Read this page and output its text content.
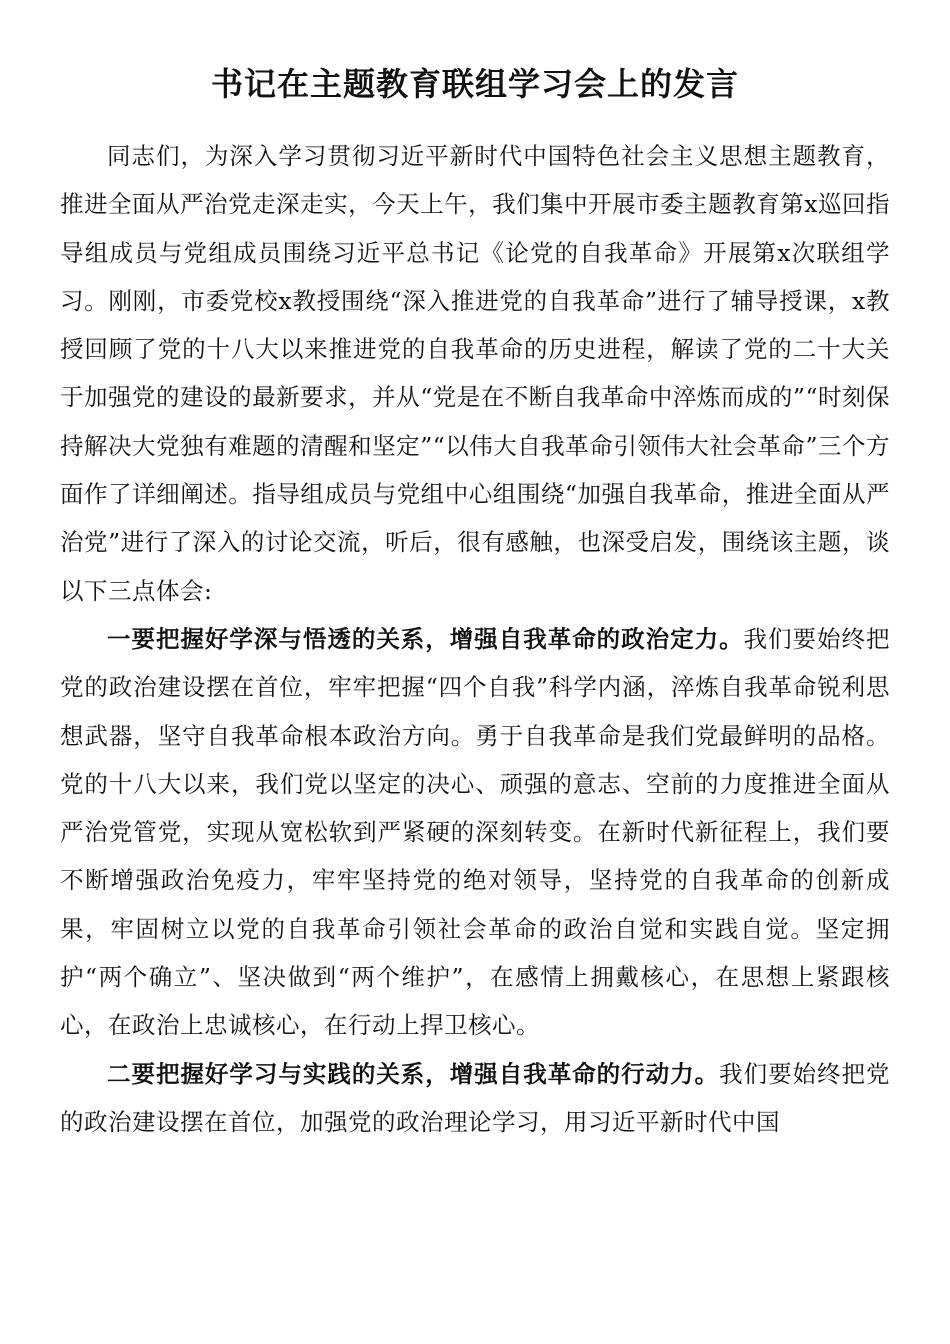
书记在主题教育联组学习会上的发言

同志们，为深入学习贯彻习近平新时代中国特色社会主义思想主题教育，推进全面从严治党走深走实，今天上午，我们集中开展市委主题教育第x巡回指导组成员与党组成员围绕习近平总书记《论党的自我革命》开展第x次联组学习。刚刚，市委党校x教授围绕“深入推进党的自我革命”进行了辅导授课，x教授回顾了党的十八大以来推进党的自我革命的历史进程，解读了党的二十大关于加强党的建设的最新要求，并从“党是在不断自我革命中淬炼而成的”“时刻保持解决大党独有难题的清醒和坚定”“以伟大自我革命引领伟大社会革命”三个方面作了详细阐述。指导组成员与党组中心组围绕“加强自我革命，推进全面从严治党”进行了深入的讨论交流，听后，很有感触，也深受启发，围绕该主题，谈以下三点体会:

一要把握好学深与悟透的关系，增强自我革命的政治定力。我们要始终把党的政治建设摆在首位，牢牢把握“四个自我”科学内涵，淬炼自我革命锐利思想武器，坚守自我革命根本政治方向。勇于自我革命是我们党最鲜明的品格。党的十八大以来，我们党以坚定的决心、顽强的意志、空前的力度推进全面从严治党管党，实现从宽松软到严紧硬的深刻转变。在新时代新征程上，我们要不断增强政治免疫力，牢牢坚持党的绝对领导，坚持党的自我革命的创新成果，牢固树立以党的自我革命引领社会革命的政治自觉和实践自觉。坚定拥护“两个确立”、坚决做到“两个维护”，在感情上拥戴核心，在思想上紧跟核心，在政治上忠诚核心，在行动上捍卫核心。

二要把握好学习与实践的关系，增强自我革命的行动力。我们要始终把党的政治建设摆在首位，加强党的政治理论学习，用习近平新时代中国
